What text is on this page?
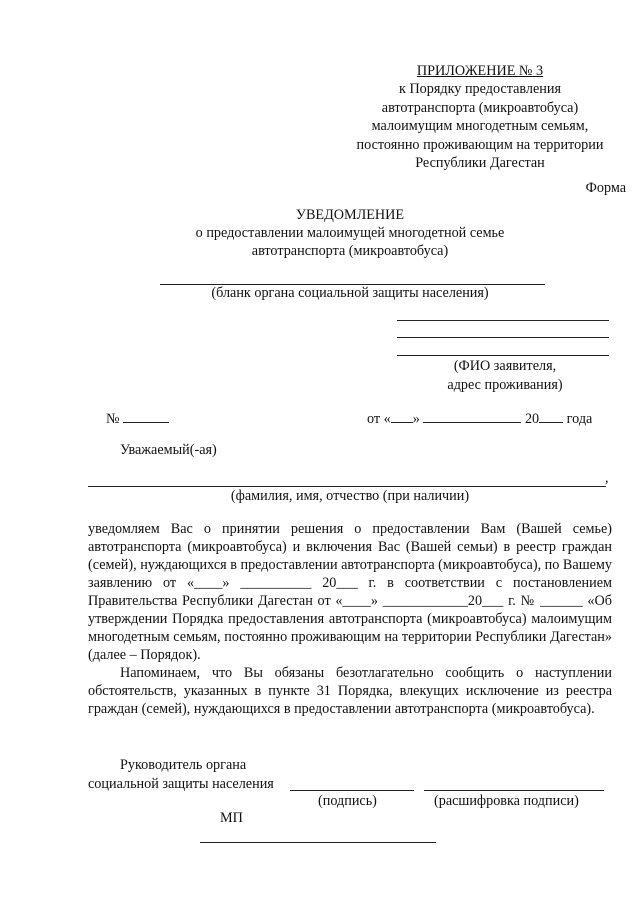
ПРИЛОЖЕНИЕ № 3
к Порядку предоставления
автотранспорта (микроавтобуса)
малоимущим многодетным семьям,
постоянно проживающим на территории
Республики Дагестан
Форма
УВЕДОМЛЕНИЕ
о предоставлении малоимущей многодетной семье
автотранспорта (микроавтобуса)
(бланк органа социальной защиты населения)
(ФИО заявителя,
адрес проживания)
№	от « »	20 года
Уважаемый(-ая)
,
(фамилия, имя, отчество (при наличии)

уведомляем Вас о принятии решения о предоставлении Вам (Вашей семье) автотранспорта (микроавтобуса) и включения Вас (Вашей семьи) в реестр граждан (семей), нуждающихся в предоставлении автотранспорта (микроавтобуса), по Вашему заявлению от «____» __________ 20___ г. в соответствии с постановлением Правительства Республики Дагестан от «____» ____________20___ г. № ______ «Об утверждении Порядка предоставления автотранспорта (микроавтобуса) малоимущим многодетным семьям, постоянно проживающим на территории Республики Дагестан» (далее – Порядок).

Напоминаем, что Вы обязаны безотлагательно сообщить о наступлении обстоятельств, указанных в пункте 31 Порядка, влекущих исключение из реестра граждан (семей), нуждающихся в предоставлении автотранспорта (микроавтобуса).

Руководитель органа
социальной защиты населения
(подпись)	(расшифровка подписи)
МП
